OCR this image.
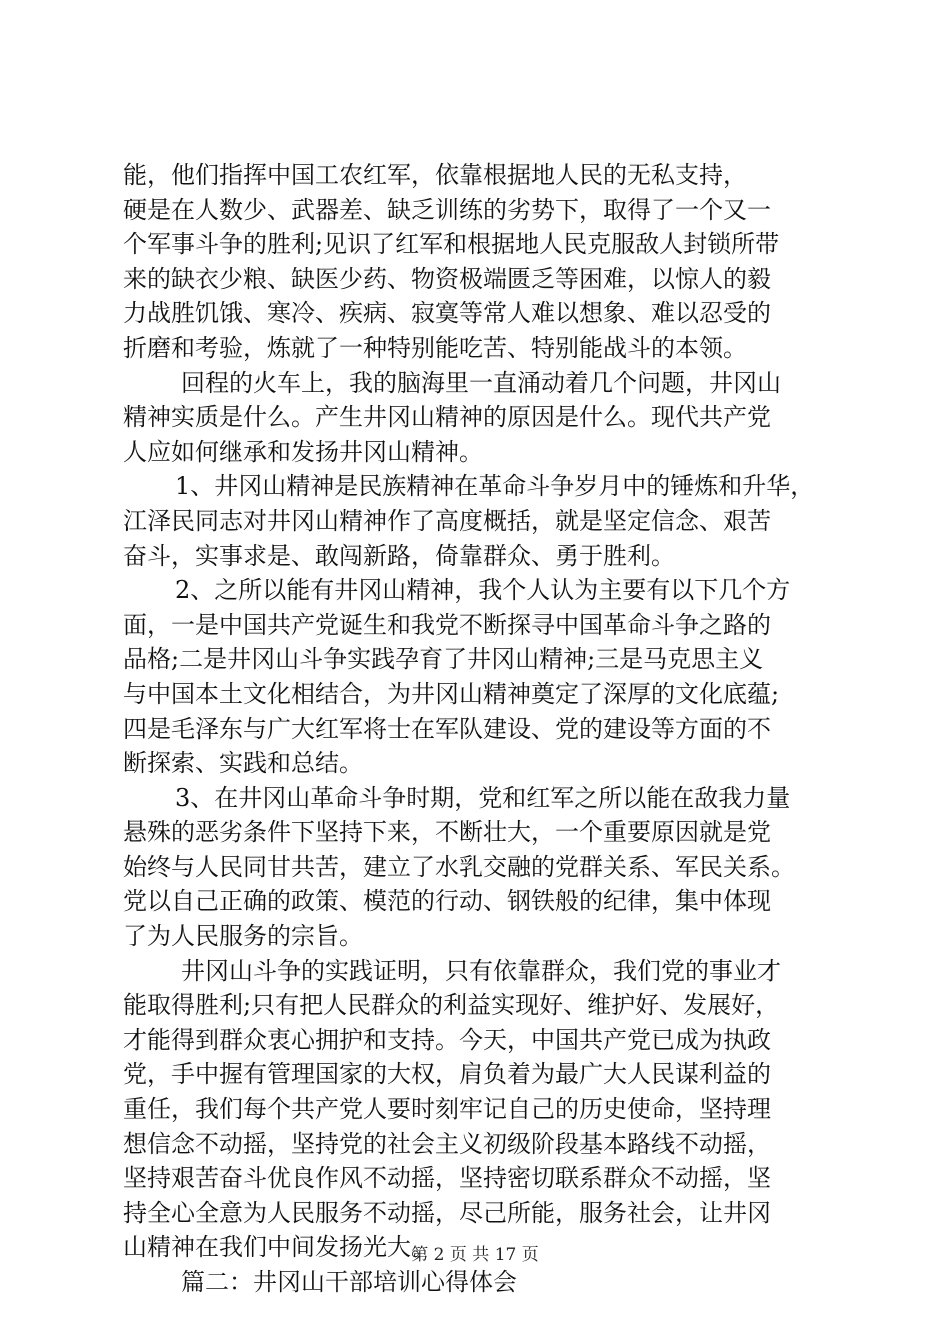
能，他们指挥中国工农红军，依靠根据地人民的无私支持，
硬是在人数少、武器差、缺乏训练的劣势下，取得了一个又一
个军事斗争的胜利;见识了红军和根据地人民克服敌人封锁所带
来的缺衣少粮、缺医少药、物资极端匮乏等困难，以惊人的毅
力战胜饥饿、寒冷、疾病、寂寞等常人难以想象、难以忍受的
折磨和考验，炼就了一种特别能吃苦、特别能战斗的本领。
回程的火车上，我的脑海里一直涌动着几个问题，井冈山
精神实质是什么。产生井冈山精神的原因是什么。现代共产党
人应如何继承和发扬井冈山精神。
1、井冈山精神是民族精神在革命斗争岁月中的锤炼和升华，
江泽民同志对井冈山精神作了高度概括，就是坚定信念、艰苦
奋斗，实事求是、敢闯新路，倚靠群众、勇于胜利。
2、之所以能有井冈山精神，我个人认为主要有以下几个方
面，一是中国共产党诞生和我党不断探寻中国革命斗争之路的
品格;二是井冈山斗争实践孕育了井冈山精神;三是马克思主义
与中国本土文化相结合，为井冈山精神奠定了深厚的文化底蕴;
四是毛泽东与广大红军将士在军队建设、党的建设等方面的不
断探索、实践和总结。
3、在井冈山革命斗争时期，党和红军之所以能在敌我力量
悬殊的恶劣条件下坚持下来，不断壮大，一个重要原因就是党
始终与人民同甘共苦，建立了水乳交融的党群关系、军民关系。
党以自己正确的政策、模范的行动、钢铁般的纪律，集中体现
了为人民服务的宗旨。
井冈山斗争的实践证明，只有依靠群众，我们党的事业才
能取得胜利;只有把人民群众的利益实现好、维护好、发展好，
才能得到群众衷心拥护和支持。今天，中国共产党已成为执政
党，手中握有管理国家的大权，肩负着为最广大人民谋利益的
重任，我们每个共产党人要时刻牢记自己的历史使命，坚持理
想信念不动摇，坚持党的社会主义初级阶段基本路线不动摇，
坚持艰苦奋斗优良作风不动摇，坚持密切联系群众不动摇，坚
持全心全意为人民服务不动摇，尽己所能，服务社会，让井冈
山精神在我们中间发扬光大。
篇二：井冈山干部培训心得体会
第 2 页 共 17 页
